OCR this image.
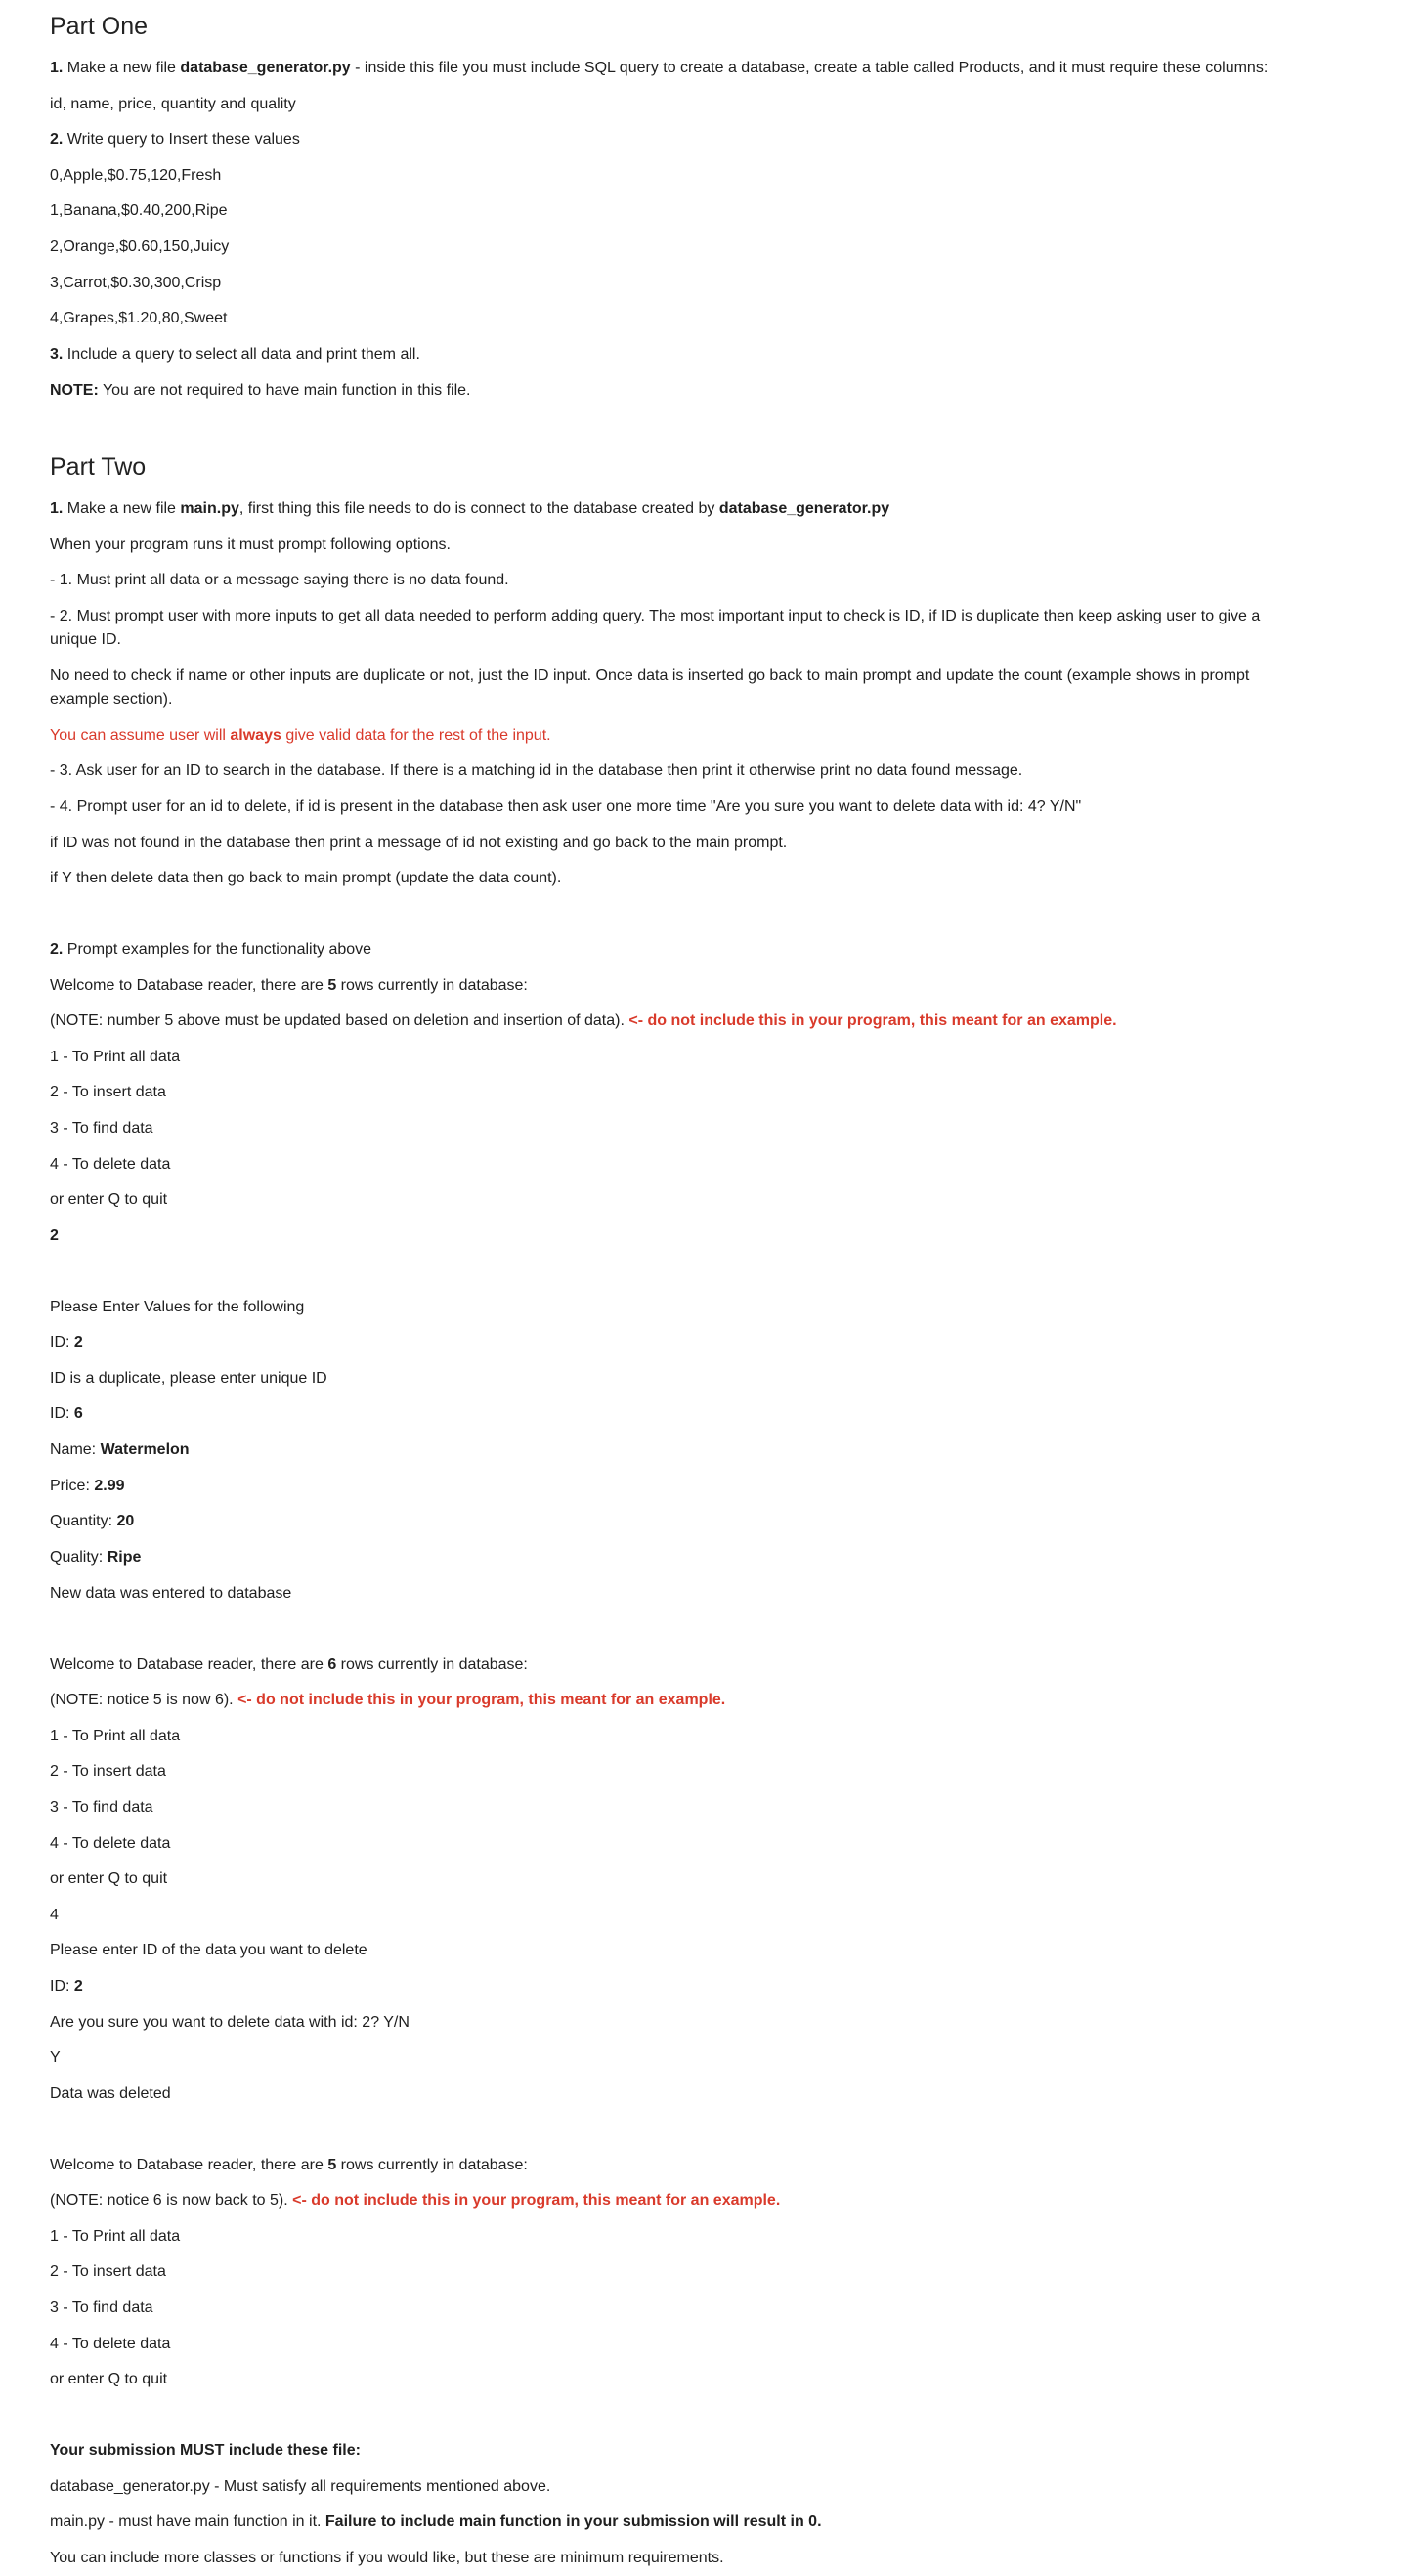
Part One

1. Make a new file database_generator.py - inside this file you must include SQL query to create a database, create a table called Products, and it must require these columns:

id, name, price, quantity and quality

2. Write query to Insert these values

0,Apple,$0.75,120,Fresh

1,Banana,$0.40,200,Ripe

2,Orange,$0.60,150,Juicy

3,Carrot,$0.30,300,Crisp

4,Grapes,$1.20,80,Sweet

3. Include a query to select all data and print them all.

NOTE: You are not required to have main function in this file.

Part Two

1. Make a new file main.py, first thing this file needs to do is connect to the database created by database_generator.py

When your program runs it must prompt following options.

- 1. Must print all data or a message saying there is no data found.

- 2. Must prompt user with more inputs to get all data needed to perform adding query. The most important input to check is ID, if ID is duplicate then keep asking user to give a

unique ID.

No need to check if name or other inputs are duplicate or not, just the ID input. Once data is inserted go back to main prompt and update the count (example shows in prompt

example section).

You can assume user will always give valid data for the rest of the input.

- 3. Ask user for an ID to search in the database. If there is a matching id in the database then print it otherwise print no data found message.

- 4. Prompt user for an id to delete, if id is present in the database then ask user one more time "Are you sure you want to delete data with id: 4? Y/N"

if ID was not found in the database then print a message of id not existing and go back to the main prompt.

if Y then delete data then go back to main prompt (update the data count).

2. Prompt examples for the functionality above

Welcome to Database reader, there are 5 rows currently in database:

(NOTE: number 5 above must be updated based on deletion and insertion of data). <- do not include this in your program, this meant for an example.

1 - To Print all data

2 - To insert data

3 - To find data

4 - To delete data

or enter Q to quit

2

Please Enter Values for the following

ID: 2

ID is a duplicate, please enter unique ID

ID: 6

Name: Watermelon

Price: 2.99

Quantity: 20

Quality: Ripe

New data was entered to database

Welcome to Database reader, there are 6 rows currently in database:

(NOTE: notice 5 is now 6). <- do not include this in your program, this meant for an example.

1 - To Print all data

2 - To insert data

3 - To find data

4 - To delete data

or enter Q to quit

4

Please enter ID of the data you want to delete

ID: 2

Are you sure you want to delete data with id: 2? Y/N

Y

Data was deleted

Welcome to Database reader, there are 5 rows currently in database:

(NOTE: notice 6 is now back to 5). <- do not include this in your program, this meant for an example.

1 - To Print all data

2 - To insert data

3 - To find data

4 - To delete data

or enter Q to quit

Your submission MUST include these file:

database_generator.py - Must satisfy all requirements mentioned above.

main.py - must have main function in it. Failure to include main function in your submission will result in 0.

You can include more classes or functions if you would like, but these are minimum requirements.
